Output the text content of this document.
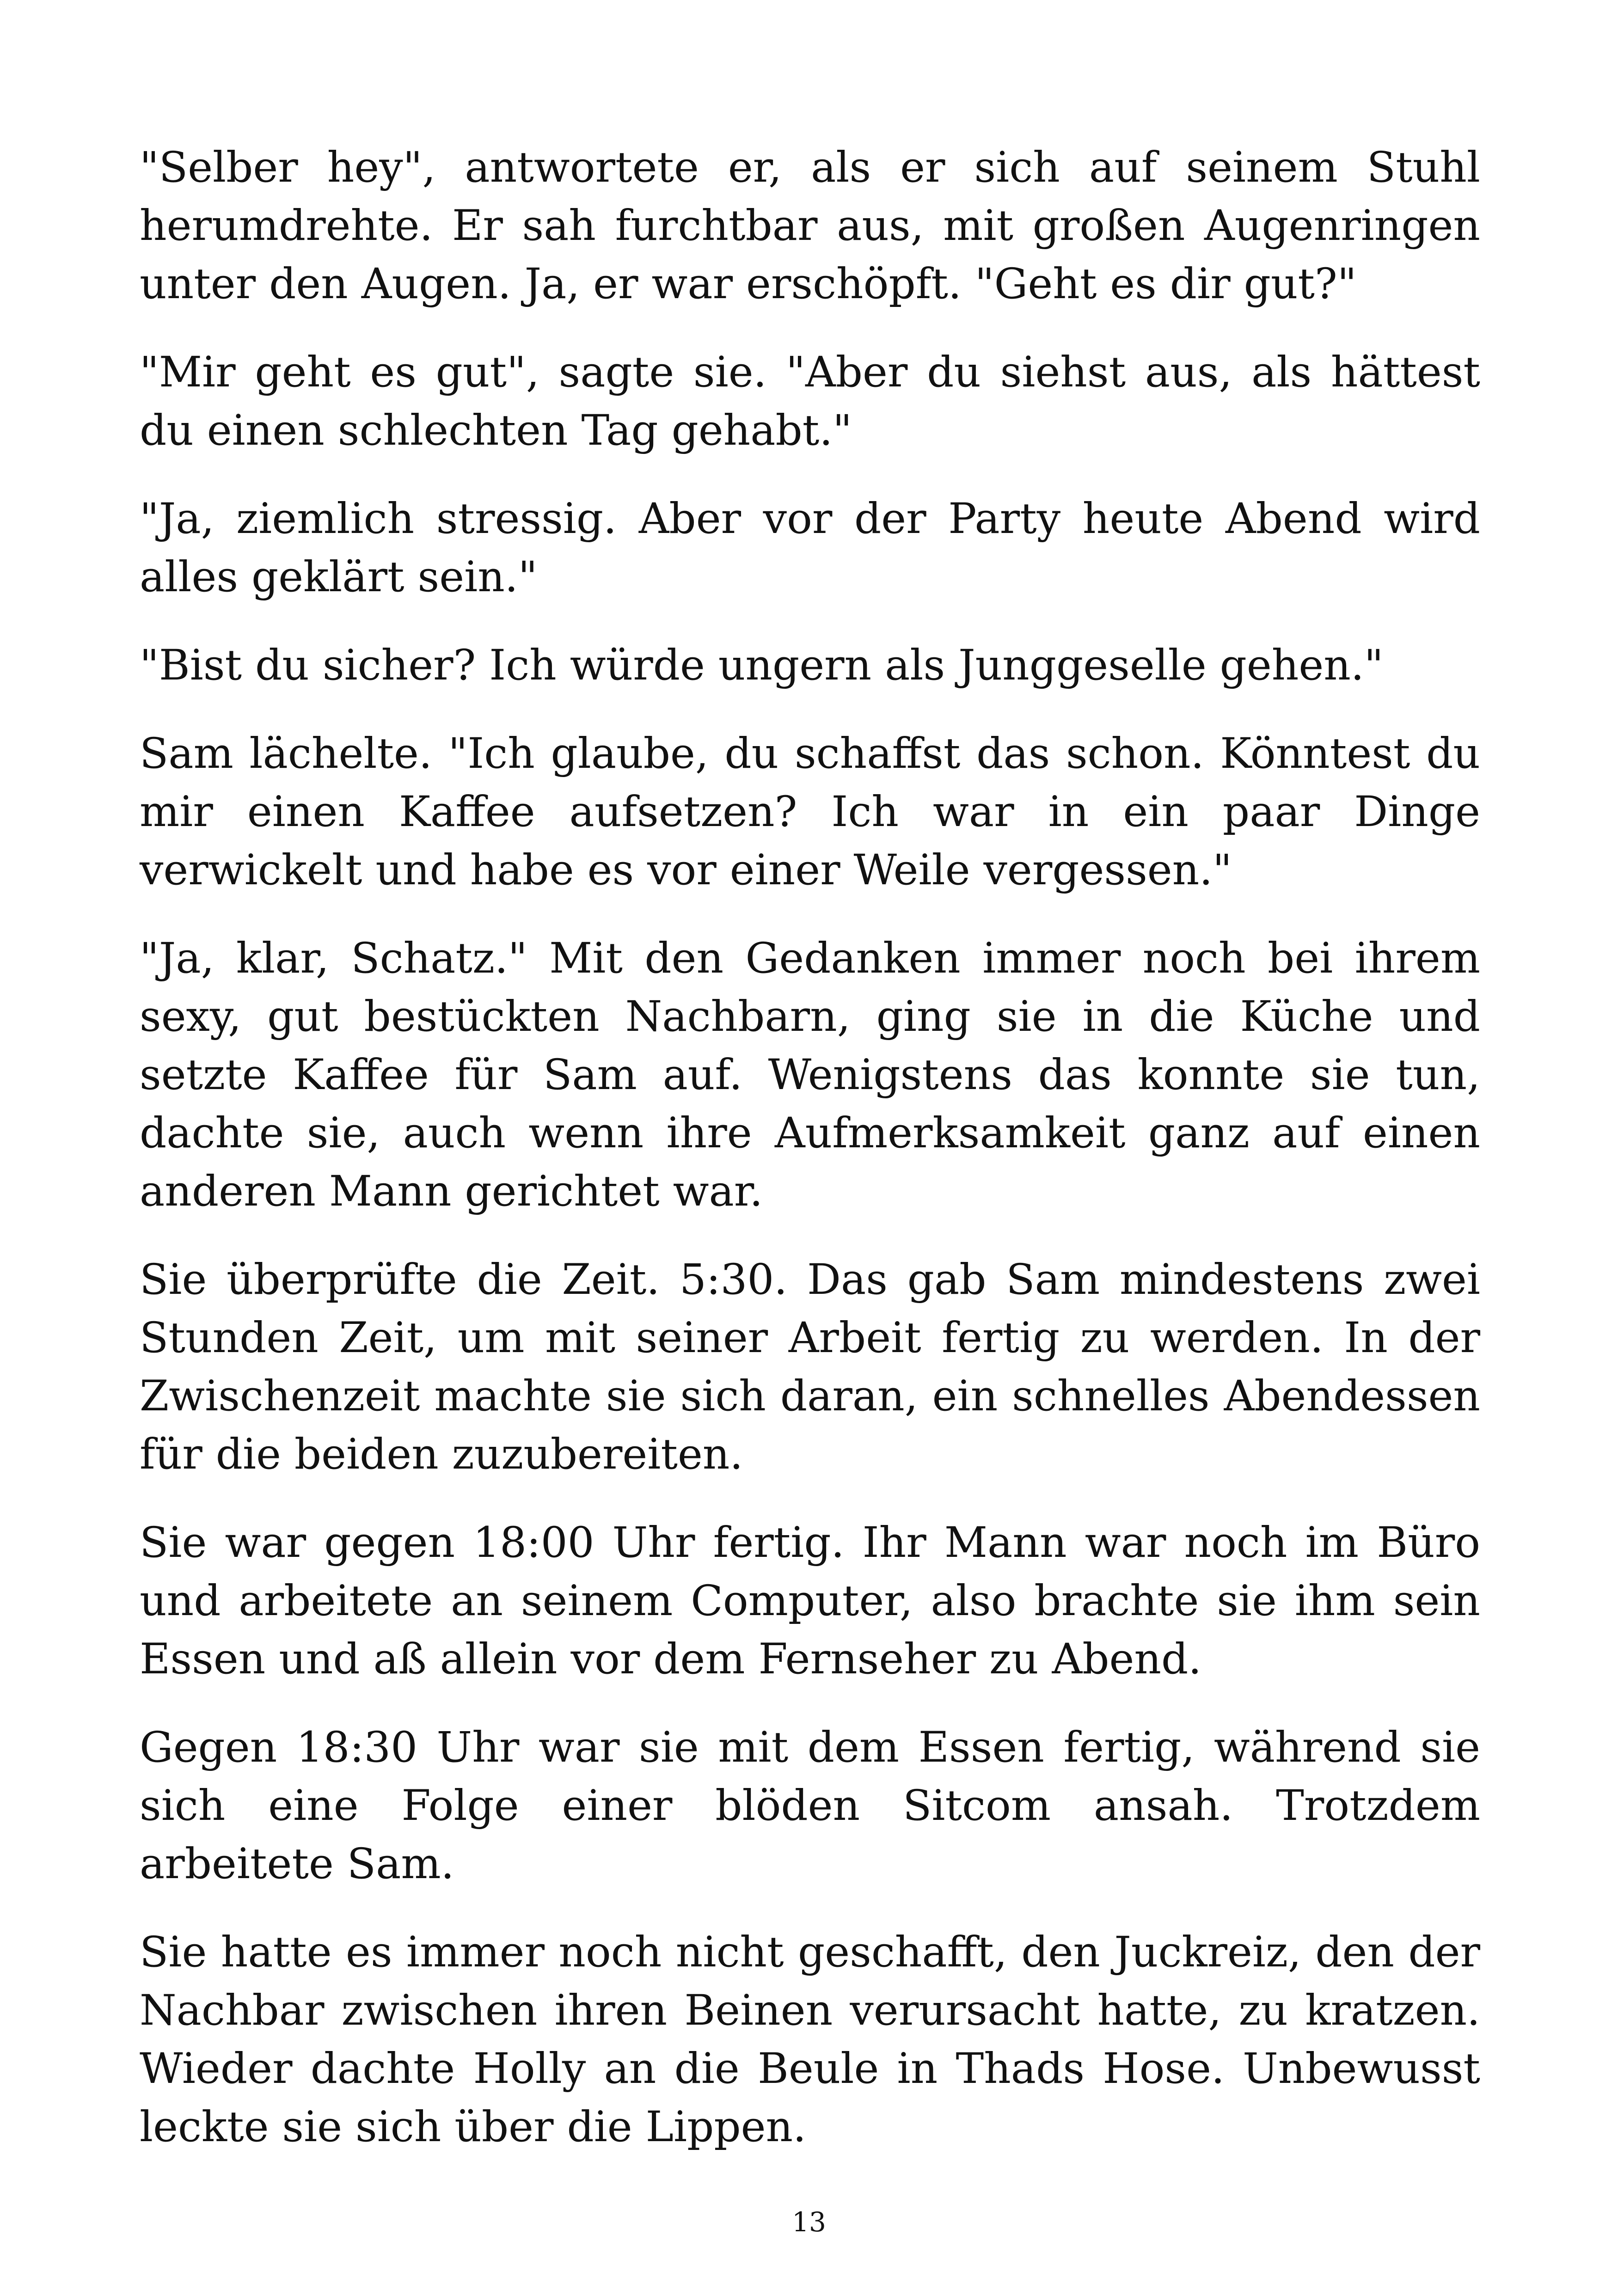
"Selber hey", antwortete er, als er sich auf seinem Stuhl herumdrehte. Er sah furchtbar aus, mit großen Augenringen unter den Augen. Ja, er war erschöpft. "Geht es dir gut?"

"Mir geht es gut", sagte sie. "Aber du siehst aus, als hättest du einen schlechten Tag gehabt."

"Ja, ziemlich stressig. Aber vor der Party heute Abend wird alles geklärt sein."

"Bist du sicher? Ich würde ungern als Junggeselle gehen."

Sam lächelte. "Ich glaube, du schaffst das schon. Könntest du mir einen Kaffee aufsetzen? Ich war in ein paar Dinge verwickelt und habe es vor einer Weile vergessen."

"Ja, klar, Schatz." Mit den Gedanken immer noch bei ihrem sexy, gut bestückten Nachbarn, ging sie in die Küche und setzte Kaffee für Sam auf. Wenigstens das konnte sie tun, dachte sie, auch wenn ihre Aufmerksamkeit ganz auf einen anderen Mann gerichtet war.

Sie überprüfte die Zeit. 5:30. Das gab Sam mindestens zwei Stunden Zeit, um mit seiner Arbeit fertig zu werden. In der Zwischenzeit machte sie sich daran, ein schnelles Abendessen für die beiden zuzubereiten.

Sie war gegen 18:00 Uhr fertig. Ihr Mann war noch im Büro und arbeitete an seinem Computer, also brachte sie ihm sein Essen und aß allein vor dem Fernseher zu Abend.

Gegen 18:30 Uhr war sie mit dem Essen fertig, während sie sich eine Folge einer blöden Sitcom ansah. Trotzdem arbeitete Sam.

Sie hatte es immer noch nicht geschafft, den Juckreiz, den der Nachbar zwischen ihren Beinen verursacht hatte, zu kratzen. Wieder dachte Holly an die Beule in Thads Hose. Unbewusst leckte sie sich über die Lippen.

13
